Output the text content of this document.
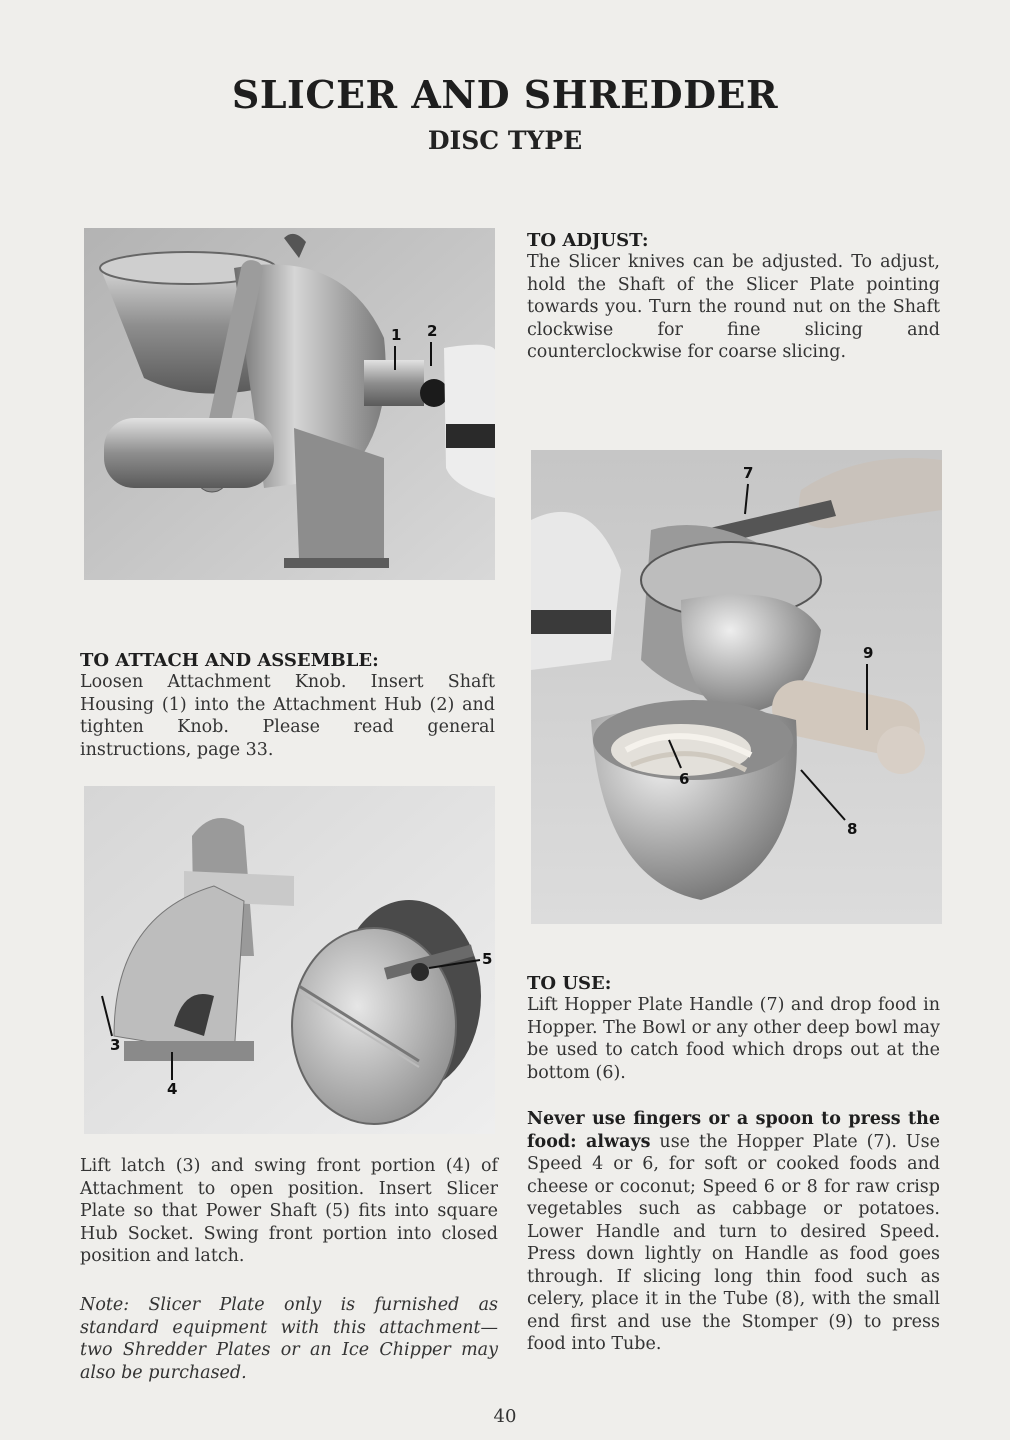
SLICER AND SHREDDER
DISC TYPE
1 2
TO ATTACH AND ASSEMBLE:

Loosen Attachment Knob. Insert Shaft Housing (1) into the Attachment Hub (2) and tighten Knob. Please read general instructions, page 33.

5
3
4

Lift latch (3) and swing front portion (4) of Attachment to open position. Insert Slicer Plate so that Power Shaft (5) fits into square Hub Socket. Swing front portion into closed position and latch.

Note: Slicer Plate only is furnished as standard equipment with this attachment—two Shredder Plates or an Ice Chipper may also be purchased.

TO ADJUST:

The Slicer knives can be adjusted. To adjust, hold the Shaft of the Slicer Plate pointing towards you. Turn the round nut on the Shaft clockwise for fine slicing and counterclockwise for coarse slicing.

7
9
6
8
TO USE:

Lift Hopper Plate Handle (7) and drop food in Hopper. The Bowl or any other deep bowl may be used to catch food which drops out at the bottom (6).

Never use fingers or a spoon to press the food: always use the Hopper Plate (7). Use Speed 4 or 6, for soft or cooked foods and cheese or coconut; Speed 6 or 8 for raw crisp vegetables such as cabbage or potatoes. Lower Handle and turn to desired Speed. Press down lightly on Handle as food goes through. If slicing long thin food such as celery, place it in the Tube (8), with the small end first and use the Stomper (9) to press food into Tube.

40
